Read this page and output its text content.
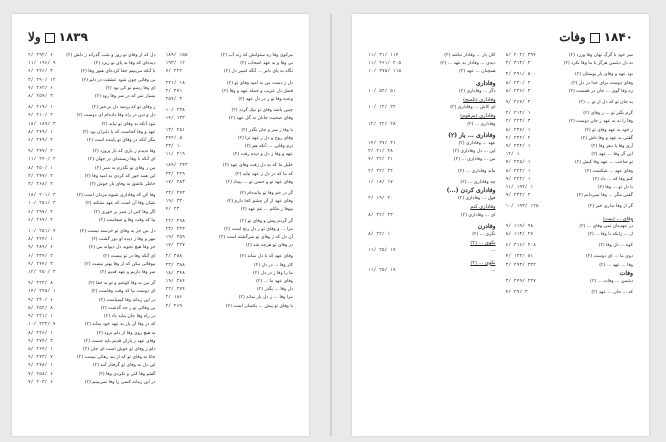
۱۸۳۹ولا
مرکوی وفا ره ستوانش که زند آب (۲)
۱۸۹/ ۱۵۵
بی وفا و بد عهد اصحاب (۲)
۱۹۳/ ۱۲
نگاه به پای دلبر ... آنگه اسیر دل (۲)
۷/ ۲۲۲
دل ز دست من به امید وفای تو (۲)
۲۲۱/ ۱۸
فصل دل عزیب و جمله عهد و وفا (۲)
۲/ ۳۷۱
وعده وفا تو ز در دل عهد (۲)
۲۵۴/ ۳
چنین باشد وفای تو نیک گردد (۲)
۱۰/ ۲۳۸
وفای صحبت جانان نه گل عهد (۲)
۱۴/ ۱۳۳
با وفا ز سر و جان بگذر (۲)
۱۳/ ۲۵۱
وفای روح و دل ز عهد ترا (۲)
۲۴۲/ ۵
نرم وفایی ... آنکه هم (۲)
۲۳/ ۱۰
عهد و وفا ز دل و دیده رفت (۲)
۱۱/ ۲۱۹
خلیل ما که به دل رفت وفای عهد (۲)
۱۸۹/ ۲۴۳
که ما که در دل ز عهد نیاید (۲)
۲۳/ ۲۲۹
وفای عهد تو و حسن تو ... بیداد (۲)
۱۷/ ۲۸۳
گر در خم وفا تو مانده‌ام (۲)
۲۳/ ۲۴۳
وفای عهد از آن چشم کجا دارم (۲)
۱۹/ ۳۳۰
بیوفا ز ملکم ... غم عهد (۲)
۴/ ۲۳
گر گردم پیش و وفای تو (۲)
۲۲/ ۲۹۸
مرا ... و وفای تو ز دل رنج است (۲)
۲۳/ ۲۲۳
آن دل که ز وفای تو سرگشته است (۲)
۱۹/ ۲۵۹
در وفای تو هرچه شد (۲)
۱۷/ ۲۲۷
وفای عهد که با دل نماند (۲)
۲/ ۳۸۸
کار وفا ... در دل (۲)
۲۳/ ۳۸۸
ما را وفا ز در دل (۲)
۱۸/ ۳۴۸
وفای عهد ما ... (۲)
۱۹/ ۲۸۴
دل وفا ... بگذر (۲)
۲۲/ ۲۷۴
مرا وفا ... ز دل یار نماند (۲)
۲/ ۱۸۶
با وفای تو پیش ... یکسان است (۲)
۲/ ۲۶۹
دل که از وفای تو روز و شب گذراند ز دلش (۲)
۲/ ۲۹۲/ ۶
دیده‌ای که وفا به پای تو ریزد (۲)
۱۱/ ۱۹۶/ ۹
با آنکه می‌بینم جفا کرده‌ای هنوز وفا (۲)
۶/ ۲۲۶/ ۳
بی وفائی چون شود عشقت در دلم (۲)
۳/ ۲۹۰/ ۱۲
ای وفا رسم تو کی بود (۲)
۴/ ۲۶۲/ ۶
بسیار سر که در سر وفا رود (۲)
۸/ ۲۵۴/ ۳
ز وفای تو که پرسد دل بی‌خبر (۲)
۸/ ۲۱۹/ ۱
دل و دین در راه وفا داده‌ام ای دوست (۲)
۴/ ۲۱۰/ ۲
نبود آنکه به وفای تو نیاید (۲)
۱۸/ ۱۸۹/ ۳
عهد و وفا کجاست که با دلبران بود (۲)
۸/ ۲۴۹/ ۱
مگر آنکه در وفای تو پاینده است (۲)
۶/ ۲۴۹/ ۲
وفا ندیدم ز یاری که ناز پرورد (۲)
۹/ ۲۴۷/ ۲
ای آنکه با وفا زیسته‌ای در جهان (۲)
۱۱/ ۲۴۰/ ۲
من ز وفای تو نگذرم به عمر (۲)
۸/ ۲۵۰/ ۱
این همه جور که کردی به امید وفا (۲)
۳/ ۲۴۷/ ۲
خاطر عاشق به وفای یار خوش (۲)
۳/ ۲۶۸/ ۲
وفا کن که وفاداری شیوه مردان است (۲)
۱۸/ ۲۰۱/ ۳
نشان وفا آن است که عهد نشکند (۲)
۱۰/ ۲۵۱/ ۳
اگر وفا کنی از عمر بر خوری (۲)
۶/ ۲۹۷/ ۲
بیا که وقت وفا و صفاست (۲)
۶/ ۲۶۷/ ۲
دل من جز به وفای تو خرسند نیست (۲)
۱۰/ ۲۵۱/ ۴
مهر و وفا ز دیده او دور گشت (۲)
۸/ ۲۲۴/ ۱
جز وفا هیچ نجوید دل دیوانه من (۲)
۹/ ۲۸۹/ ۶
ای آنکه وفا در تو نیست (۲)
۶/ ۲۳۴/ ۲
بیوفائی مکن که از وفا بهتر نیست (۲)
۹/ ۲۴۴/ ۳
سر وفا داریم و عهد قدیم (۲)
۱۲/ ۲۵۰/ ۳
گر من به وفا کوشم و تو به جفا (۲)
۹/ ۲۲۳/ ۸
ای دوست بیا که وقت وفاست (۲)
۱۴/ ۲۴۸/ ۱
در این زمانه وفا کیمیاست (۲)
۹/ ۲۳۰/ ۶
بی وفائی تو ز حد گذشت (۲)
۵/ ۲۵۲/ ۸
در راه وفا جان بباید داد (۲)
۹/ ۲۲۱/ ۱
که در وفا آن یار به عهد خود بماند (۲)
۱۰/ ۲۳۲/ ۷
به هیچ روی وفا از دلم نرود (۲)
۸/ ۲۲۶/ ۱
وفای عهد ز یاران قدیم باید جست (۲)
۹/ ۲۷۴/ ۳
دلم ز وفای تو خوش است ای جان (۲)
۵/ ۲۶۴/ ۱
جانا به وفای تو که از بند رهائی نیست (۲)
۹/ ۲۴۳/ ۷
این دل به وفای تو گرفتار آمد (۲)
۹/ ۲۴۸/ ۱
گفتم وفا کنی و نکردی وفا (۲)
۷/ ۲۵۸/ ۶
در این زمانه کسی را وفا نمی‌بینم (۲)
۷/ ۲۰۳/ ۶
۱۸۴۰وفات
سر خود با گرگ نهان وفا ورزد (۲)
۸/ ۲۰۲/ ۳۹۴
به دل دشمن هرگز با ما وفا نکرد (۲)
۳/ ۳۱۳/ ۳
بود عهد و وفای یار بوستان (۲)
۳/ ۲۹۱/ ۵۰۰
وفای دوست برای خدا در دل (۲)
۸/ ۲۲۰/ ۲
زه وفا گوی ... جان در قفست (۲)
۸/ ۲۲۶/ ۳
به جان تو که دل از تو ... (۲)
۹/ ۲۶۷/ ۳۰
گرم بگیر تو ... ز وفای (۲)
۲/ ۲۱۲/ ۱
وفا را نه به عهد ز جان دوست (۲)
۲/ ۲۲۳/ ۳
ز خود به عهد وفای تو (۲)
۸/ ۲۲۷/ ۱
گفتی به عهد و وفا باش (۲)
۲/ ۲۲۲/ ۲
آری وفا با دهر وفا (۲)
۹/ ۲۲۲/ ۱
این گر وفا ... عهد (۲)
۱۲/ ۱
تو صاحب ... عهد وفا کیش (۲)
۷/ ۲۲۵/ ۱
وفای عهد ... شکست (۲)
۸/ ۲۲۲/ ۱
کنم وفا که ... داد (۲)
۹/ ۲۲۲/ ۱
با دل تو ... وفا (۲)
۱۱/ ۱۹۲/ ۱
گفتی مگر ... وفا نمی‌دانم (۲)
۹/ ۲۳۲/ ۲
گر از وفا نداری خبر (۲)
۱۰/ ۱۹۳/ ۱۲۵
وفای ... (بیت)
در عهدمان نمی وفای ... (۲)
۹/ ۱۱۹/ ۹۸
از ... زانکه با وفا ... (۲)
۸/ ۱۱۳/ ۲۷
کوه ... دل وفا (۲)
۶/ ۲۱۶/ ۲۰۸
دوی ما ... ای دوست (۲)
۴/ ۱۲۳/ ۸۱
وفا ... عهد ... (۲)
۳/ ۲۹۳/ ۳۲۲
وفات
دشمن ... وفات ... (۲)
۳/ ۲۴۹/ ۲۲۷
که ... جان ... عهد (۲)
۴/ ۲۹/ ۳
کان یار ... وفادار نباشد (۲)
۱۱/ ۳۱/ ۱۱۴
دیدی ... وفادار به عهد ... (۲)
۱۱/ ۲۶۱/ ۲۰۵
همچنان ... عهد (۲)
۱۰/ ۲۷۵/ ۱۱۵
وفاداری
دگر ... وفاداری (۲)
۱۰/ ۵۲/ ۵۱
وفاداری (تلمیح)
ای کاش ... وفاداری (۲)
۱۰/ ۱۲/ ۲۲
وفاداری (مرقوم)
وفاداری ... (۲)
۱۲/ ۲۲/ ۲۸
وفاداری ... یار (۲)
عهد ... وفاداری (۲)
۱۴/ ۲۷/ ۳۱
این ... دل وفاداری (۲)
۳/ ۲۱/ ۲۸
من ... وفاداری ... (۲)
۴/ ۲۲/ ۲۱
ماند وفاداری ... (۲)
۲/ ۲۲/ ۲۲
چه وفاداری ... (۲)
۱/ ۱۸/ ۱۷
وفاداری کردن (...)
فول ... وفاداری (۲)
۲/ ۱۹/ ۲۰
وفاداری کنم
ای ... وفاداری (۲)
۸/ ۲۲/ ۲۳
وفادرن
نگری ... (۲)
۸/ ۲۲/ ۱
نکوی ... (۲)
...
۱۱/ ۲۵/ ۱۷
نکوی ... (۲)
...
۱۱/ ۲۵/ ۱۷
